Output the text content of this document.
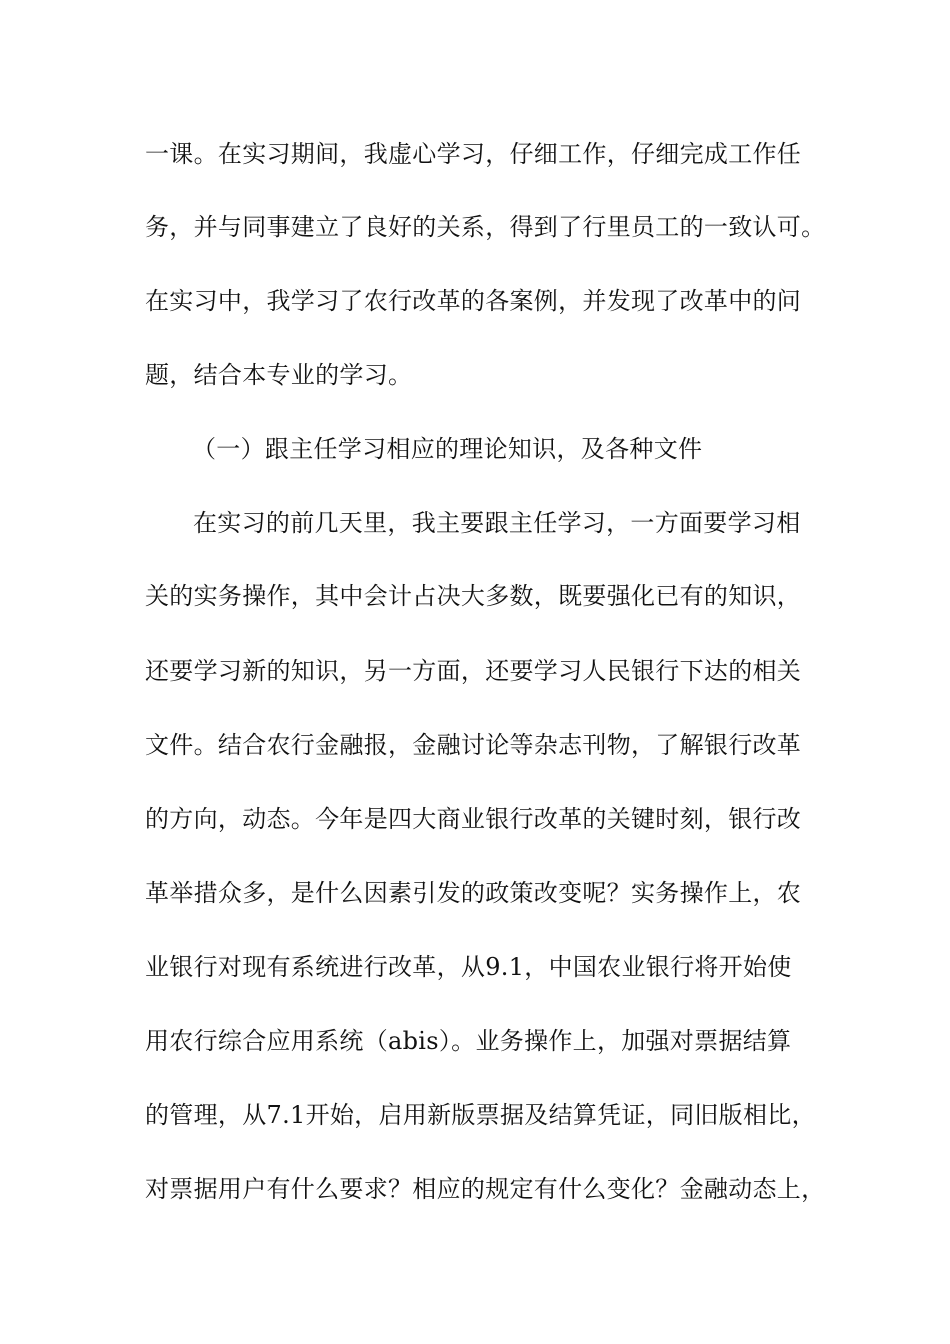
一课。在实习期间，我虚心学习，仔细工作，仔细完成工作任
务，并与同事建立了良好的关系，得到了行里员工的一致认可。
在实习中，我学习了农行改革的各案例，并发现了改革中的问
题，结合本专业的学习。
（一）跟主任学习相应的理论知识，及各种文件
在实习的前几天里，我主要跟主任学习，一方面要学习相
关的实务操作，其中会计占决大多数，既要强化已有的知识，
还要学习新的知识，另一方面，还要学习人民银行下达的相关
文件。结合农行金融报，金融讨论等杂志刊物，了解银行改革
的方向，动态。今年是四大商业银行改革的关键时刻，银行改
革举措众多，是什么因素引发的政策改变呢？实务操作上，农
业银行对现有系统进行改革，从9.1，中国农业银行将开始使
用农行综合应用系统（abis）。业务操作上，加强对票据结算
的管理，从7.1开始，启用新版票据及结算凭证，同旧版相比，
对票据用户有什么要求？相应的规定有什么变化？金融动态上，
